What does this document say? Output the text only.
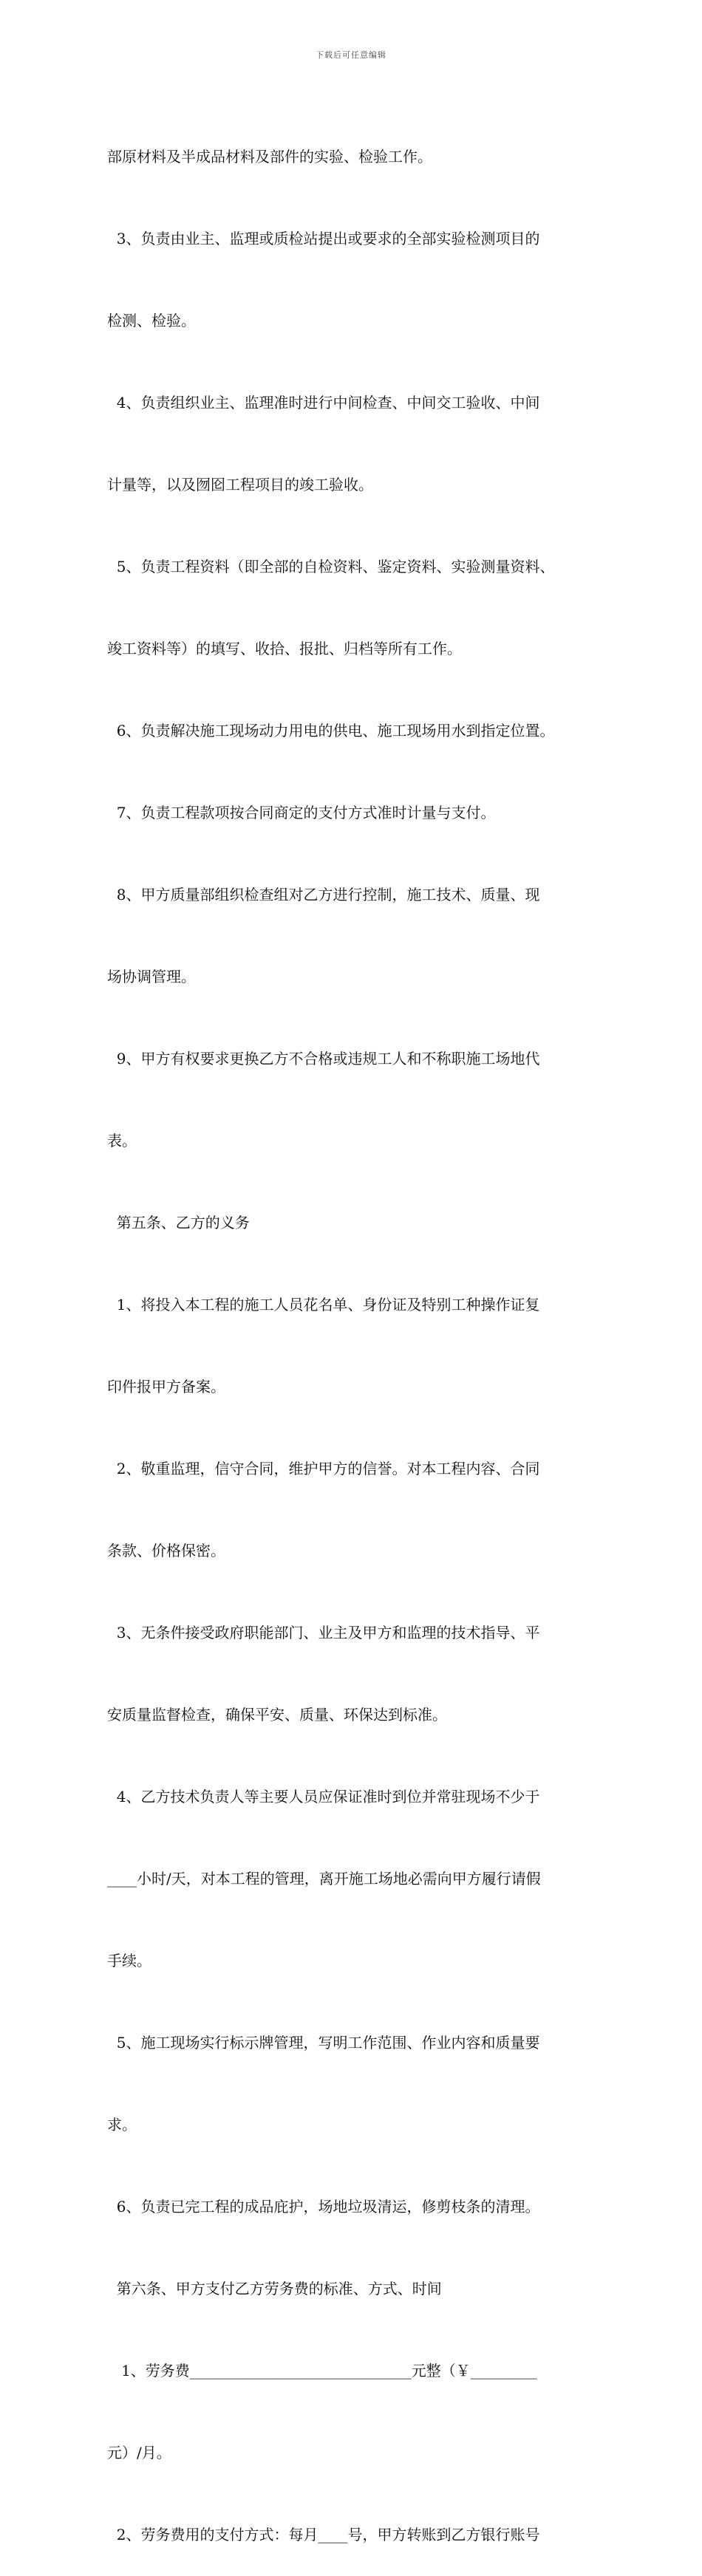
下载后可任意编辑

部原材料及半成品材料及部件的实验、检验工作。

3、负责由业主、监理或质检站提出或要求的全部实验检测项目的

检测、检验。

4、负责组织业主、监理准时进行中间检查、中间交工验收、中间

计量等，以及囫囵工程项目的竣工验收。

5、负责工程资料（即全部的自检资料、鉴定资料、实验测量资料、

竣工资料等）的填写、收拾、报批、归档等所有工作。

6、负责解决施工现场动力用电的供电、施工现场用水到指定位置。

7、负责工程款项按合同商定的支付方式准时计量与支付。

8、甲方质量部组织检查组对乙方进行控制，施工技术、质量、现

场协调管理。

9、甲方有权要求更换乙方不合格或违规工人和不称职施工场地代

表。

第五条、乙方的义务

1、将投入本工程的施工人员花名单、身份证及特别工种操作证复

印件报甲方备案。

2、敬重监理，信守合同，维护甲方的信誉。对本工程内容、合同

条款、价格保密。

3、无条件接受政府职能部门、业主及甲方和监理的技术指导、平

安质量监督检查，确保平安、质量、环保达到标准。

4、乙方技术负责人等主要人员应保证准时到位并常驻现场不少于

____小时/天，对本工程的管理，离开施工场地必需向甲方履行请假

手续。

5、施工现场实行标示牌管理，写明工作范围、作业内容和质量要

求。

6、负责已完工程的成品庇护，场地垃圾清运，修剪枝条的清理。

第六条、甲方支付乙方劳务费的标准、方式、时间

1、劳务费______________________________元整（￥_________

元）/月。

2、劳务费用的支付方式：每月____号，甲方转账到乙方银行账号
